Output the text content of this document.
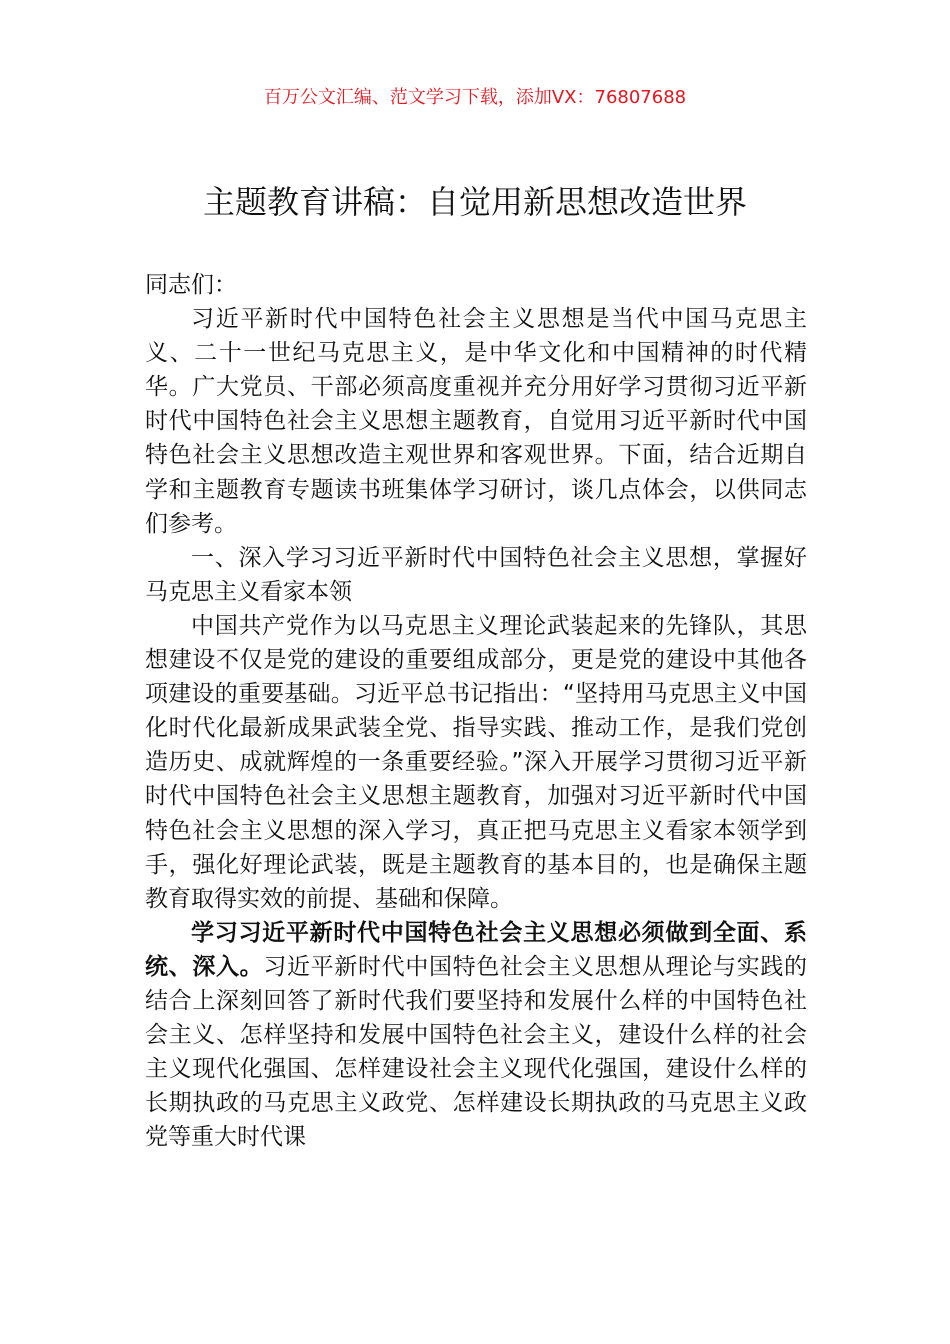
百万公文汇编、范文学习下载，添加VX：76807688
主题教育讲稿：自觉用新思想改造世界

同志们：

习近平新时代中国特色社会主义思想是当代中国马克思主义、二十一世纪马克思主义，是中华文化和中国精神的时代精华。广大党员、干部必须高度重视并充分用好学习贯彻习近平新时代中国特色社会主义思想主题教育，自觉用习近平新时代中国特色社会主义思想改造主观世界和客观世界。下面，结合近期自学和主题教育专题读书班集体学习研讨，谈几点体会，以供同志们参考。

一、深入学习习近平新时代中国特色社会主义思想，掌握好马克思主义看家本领

中国共产党作为以马克思主义理论武装起来的先锋队，其思想建设不仅是党的建设的重要组成部分，更是党的建设中其他各项建设的重要基础。习近平总书记指出：“坚持用马克思主义中国化时代化最新成果武装全党、指导实践、推动工作，是我们党创造历史、成就辉煌的一条重要经验。”深入开展学习贯彻习近平新时代中国特色社会主义思想主题教育，加强对习近平新时代中国特色社会主义思想的深入学习，真正把马克思主义看家本领学到手，强化好理论武装，既是主题教育的基本目的，也是确保主题教育取得实效的前提、基础和保障。

学习习近平新时代中国特色社会主义思想必须做到全面、系统、深入。习近平新时代中国特色社会主义思想从理论与实践的结合上深刻回答了新时代我们要坚持和发展什么样的中国特色社会主义、怎样坚持和发展中国特色社会主义，建设什么样的社会主义现代化强国、怎样建设社会主义现代化强国，建设什么样的长期执政的马克思主义政党、怎样建设长期执政的马克思主义政党等重大时代课
